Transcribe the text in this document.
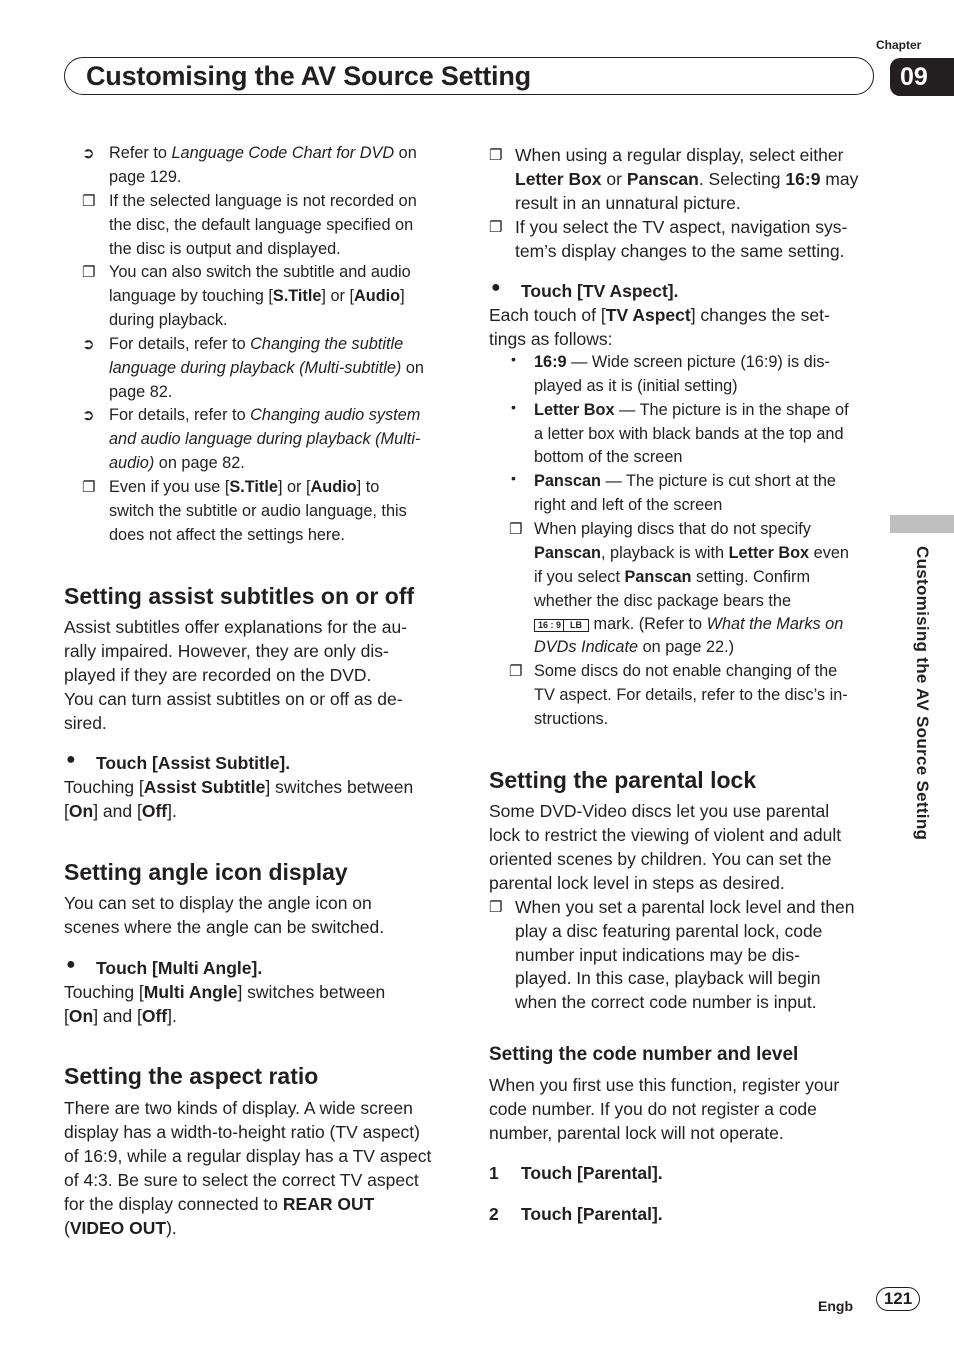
Customising the AV Source Setting
Chapter
09
Customising the AV Source Setting
➲ Refer to Language Code Chart for DVD on
page 129.
❐ If the selected language is not recorded on
the disc, the default language specified on
the disc is output and displayed.
❐ You can also switch the subtitle and audio
language by touching [S.Title] or [Audio]
during playback.
➲ For details, refer to Changing the subtitle
language during playback (Multi-subtitle) on
page 82.
➲ For details, refer to Changing audio system
and audio language during playback (Multi-
audio) on page 82.
❐ Even if you use [S.Title] or [Audio] to
switch the subtitle or audio language, this
does not affect the settings here.
Setting assist subtitles on or off
Assist subtitles offer explanations for the au-
rally impaired. However, they are only dis-
played if they are recorded on the DVD.
You can turn assist subtitles on or off as de-
sired.
● Touch [Assist Subtitle].
Touching [Assist Subtitle] switches between
[On] and [Off].
Setting angle icon display
You can set to display the angle icon on
scenes where the angle can be switched.
● Touch [Multi Angle].
Touching [Multi Angle] switches between
[On] and [Off].
Setting the aspect ratio
There are two kinds of display. A wide screen
display has a width-to-height ratio (TV aspect)
of 16:9, while a regular display has a TV aspect
of 4:3. Be sure to select the correct TV aspect
for the display connected to REAR OUT
(VIDEO OUT).
❐ When using a regular display, select either
Letter Box or Panscan. Selecting 16:9 may
result in an unnatural picture.
❐ If you select the TV aspect, navigation sys-
tem’s display changes to the same setting.
● Touch [TV Aspect].
Each touch of [TV Aspect] changes the set-
tings as follows:
• 16:9 — Wide screen picture (16:9) is dis-
played as it is (initial setting)
• Letter Box — The picture is in the shape of
a letter box with black bands at the top and
bottom of the screen
• Panscan — The picture is cut short at the
right and left of the screen
❐ When playing discs that do not specify
Panscan, playback is with Letter Box even
if you select Panscan setting. Confirm
whether the disc package bears the
16 : 9 LB mark. (Refer to What the Marks on
DVDs Indicate on page 22.)
❐ Some discs do not enable changing of the
TV aspect. For details, refer to the disc’s in-
structions.
Setting the parental lock
Some DVD-Video discs let you use parental
lock to restrict the viewing of violent and adult
oriented scenes by children. You can set the
parental lock level in steps as desired.
❐ When you set a parental lock level and then
play a disc featuring parental lock, code
number input indications may be dis-
played. In this case, playback will begin
when the correct code number is input.
Setting the code number and level
When you first use this function, register your
code number. If you do not register a code
number, parental lock will not operate.
1 Touch [Parental].
2 Touch [Parental].
Engb	121
